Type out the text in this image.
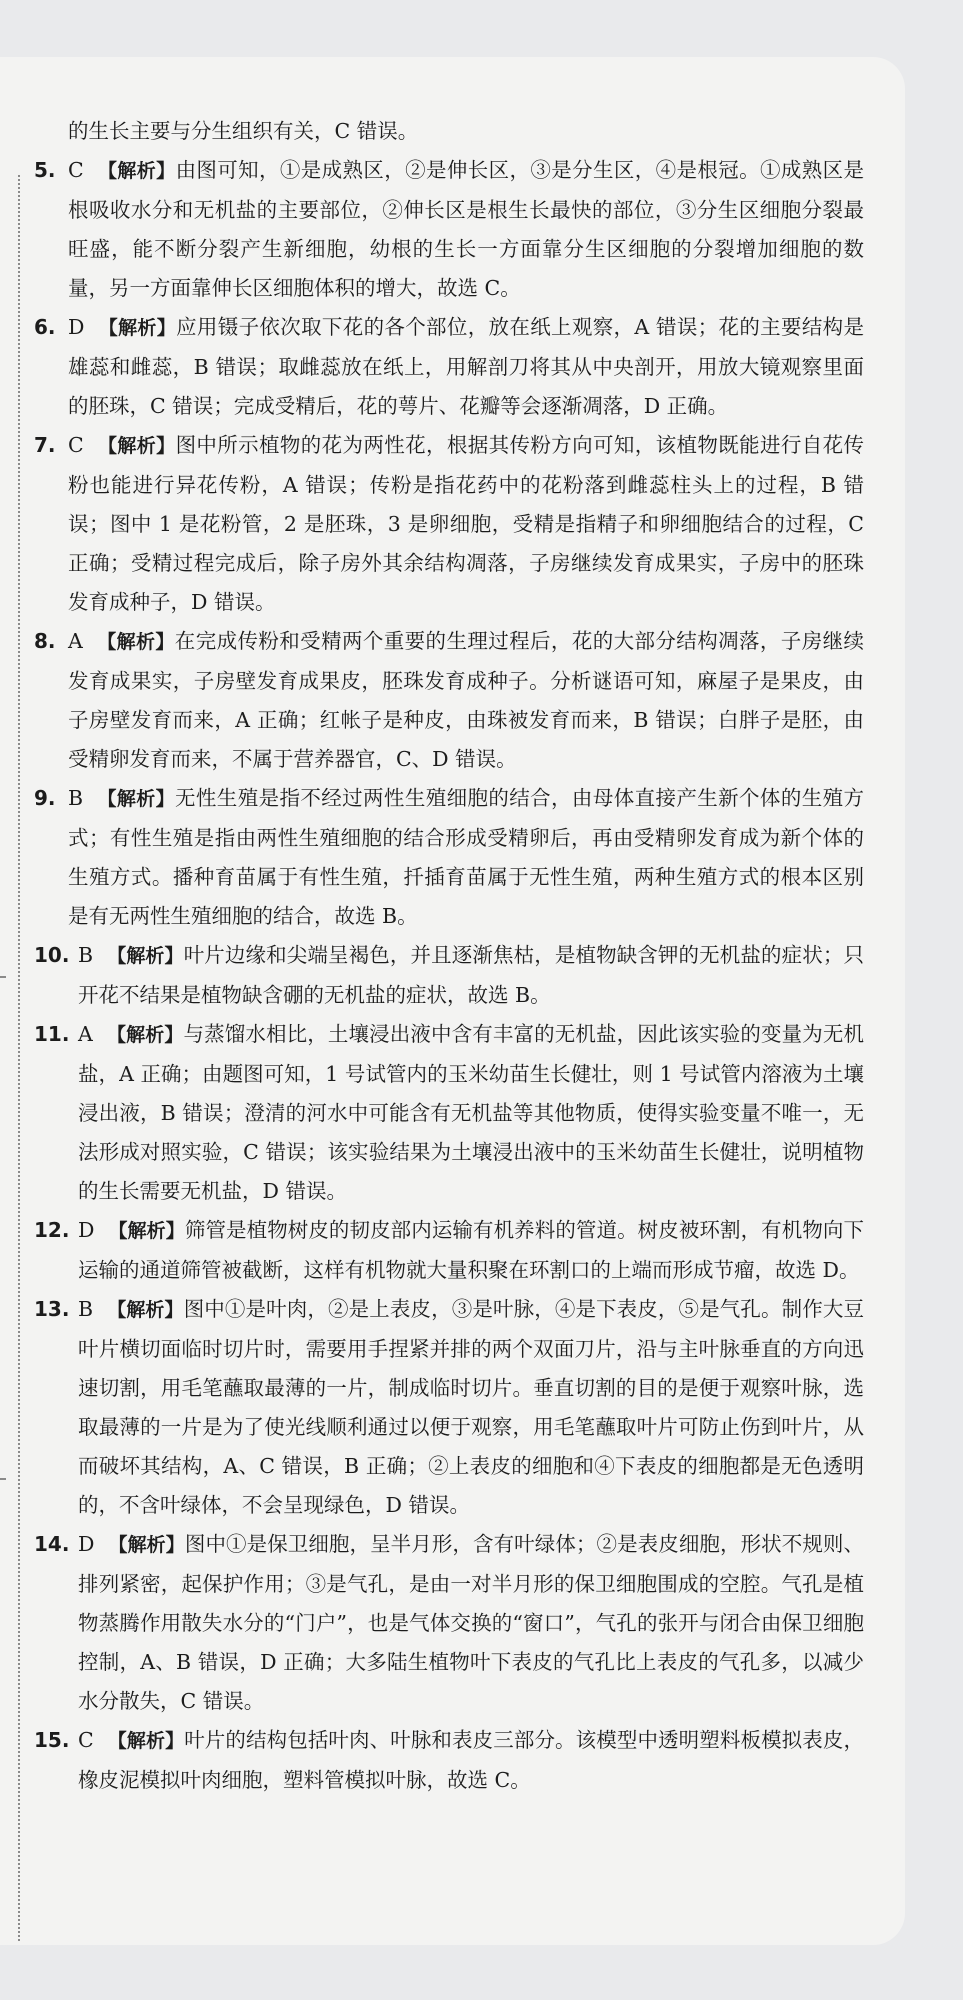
的生长主要与分生组织有关，C 错误。
5. C 【解析】由图可知，①是成熟区，②是伸长区，③是分生区，④是根冠。①成熟区是根吸收水分和无机盐的主要部位，②伸长区是根生长最快的部位，③分生区细胞分裂最旺盛，能不断分裂产生新细胞，幼根的生长一方面靠分生区细胞的分裂增加细胞的数量，另一方面靠伸长区细胞体积的增大，故选 C。
6. D 【解析】应用镊子依次取下花的各个部位，放在纸上观察，A 错误；花的主要结构是雄蕊和雌蕊，B 错误；取雌蕊放在纸上，用解剖刀将其从中央剖开，用放大镜观察里面的胚珠，C 错误；完成受精后，花的萼片、花瓣等会逐渐凋落，D 正确。
7. C 【解析】图中所示植物的花为两性花，根据其传粉方向可知，该植物既能进行自花传粉也能进行异花传粉，A 错误；传粉是指花药中的花粉落到雌蕊柱头上的过程，B 错误；图中 1 是花粉管，2 是胚珠，3 是卵细胞，受精是指精子和卵细胞结合的过程，C 正确；受精过程完成后，除子房外其余结构凋落，子房继续发育成果实，子房中的胚珠发育成种子，D 错误。
8. A 【解析】在完成传粉和受精两个重要的生理过程后，花的大部分结构凋落，子房继续发育成果实，子房壁发育成果皮，胚珠发育成种子。分析谜语可知，麻屋子是果皮，由子房壁发育而来，A 正确；红帐子是种皮，由珠被发育而来，B 错误；白胖子是胚，由受精卵发育而来，不属于营养器官，C、D 错误。
9. B 【解析】无性生殖是指不经过两性生殖细胞的结合，由母体直接产生新个体的生殖方式；有性生殖是指由两性生殖细胞的结合形成受精卵后，再由受精卵发育成为新个体的生殖方式。播种育苗属于有性生殖，扦插育苗属于无性生殖，两种生殖方式的根本区别是有无两性生殖细胞的结合，故选 B。
10. B 【解析】叶片边缘和尖端呈褐色，并且逐渐焦枯，是植物缺含钾的无机盐的症状；只开花不结果是植物缺含硼的无机盐的症状，故选 B。
11. A 【解析】与蒸馏水相比，土壤浸出液中含有丰富的无机盐，因此该实验的变量为无机盐，A 正确；由题图可知，1 号试管内的玉米幼苗生长健壮，则 1 号试管内溶液为土壤浸出液，B 错误；澄清的河水中可能含有无机盐等其他物质，使得实验变量不唯一，无法形成对照实验，C 错误；该实验结果为土壤浸出液中的玉米幼苗生长健壮，说明植物的生长需要无机盐，D 错误。
12. D 【解析】筛管是植物树皮的韧皮部内运输有机养料的管道。树皮被环割，有机物向下运输的通道筛管被截断，这样有机物就大量积聚在环割口的上端而形成节瘤，故选 D。
13. B 【解析】图中①是叶肉，②是上表皮，③是叶脉，④是下表皮，⑤是气孔。制作大豆叶片横切面临时切片时，需要用手捏紧并排的两个双面刀片，沿与主叶脉垂直的方向迅速切割，用毛笔蘸取最薄的一片，制成临时切片。垂直切割的目的是便于观察叶脉，选取最薄的一片是为了使光线顺利通过以便于观察，用毛笔蘸取叶片可防止伤到叶片，从而破坏其结构，A、C 错误，B 正确；②上表皮的细胞和④下表皮的细胞都是无色透明的，不含叶绿体，不会呈现绿色，D 错误。
14. D 【解析】图中①是保卫细胞，呈半月形，含有叶绿体；②是表皮细胞，形状不规则、排列紧密，起保护作用；③是气孔，是由一对半月形的保卫细胞围成的空腔。气孔是植物蒸腾作用散失水分的“门户”，也是气体交换的“窗口”，气孔的张开与闭合由保卫细胞控制，A、B 错误，D 正确；大多陆生植物叶下表皮的气孔比上表皮的气孔多，以减少水分散失，C 错误。
15. C 【解析】叶片的结构包括叶肉、叶脉和表皮三部分。该模型中透明塑料板模拟表皮，橡皮泥模拟叶肉细胞，塑料管模拟叶脉，故选 C。
